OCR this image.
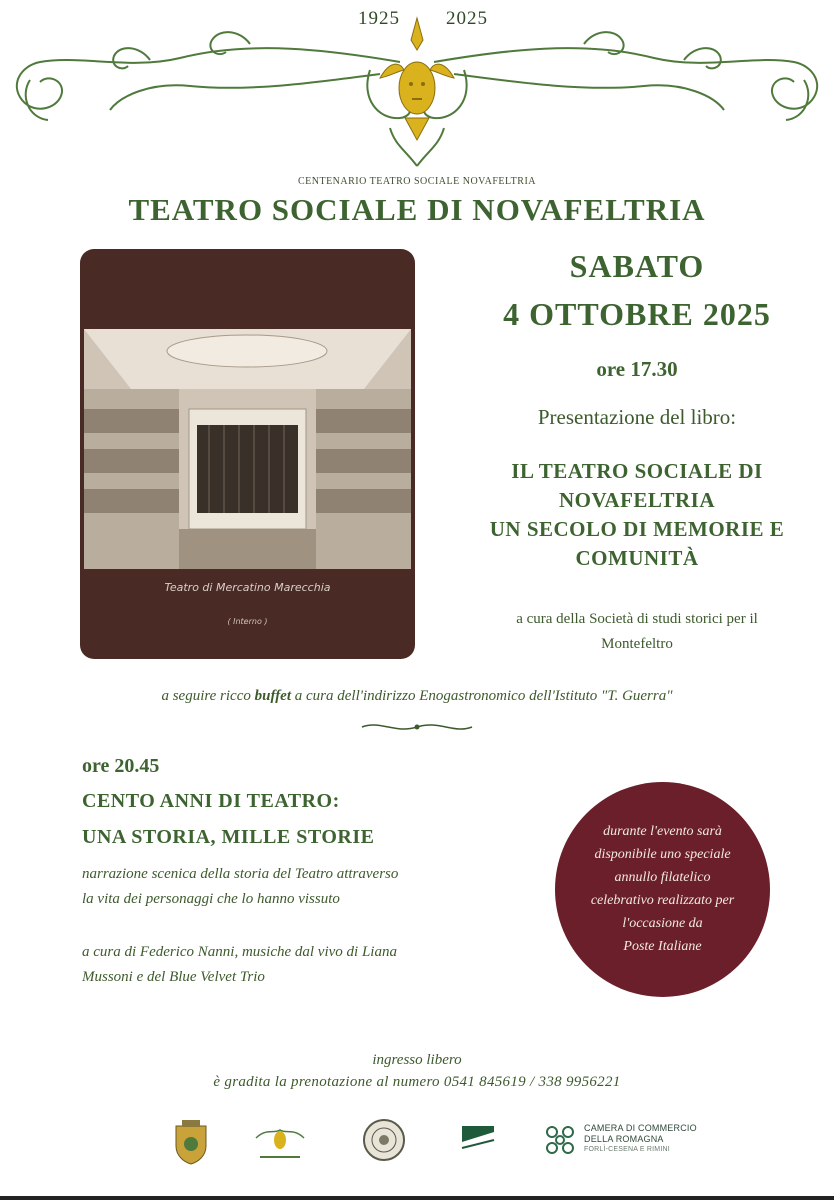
1925 2025
CENTENARIO TEATRO SOCIALE NOVAFELTRIA
TEATRO SOCIALE DI NOVAFELTRIA
Teatro di Mercatino Marecchia
( Interno )
SABATO
4 OTTOBRE 2025
ore 17.30
Presentazione del libro:
IL TEATRO SOCIALE DI
NOVAFELTRIA
UN SECOLO DI MEMORIE E
COMUNITÀ
a cura della Società di studi storici per il
Montefeltro
a seguire ricco buffet a cura dell'indirizzo Enogastronomico dell'Istituto "T. Guerra"
ore 20.45
CENTO ANNI DI TEATRO:
UNA STORIA, MILLE STORIE
narrazione scenica della storia del Teatro attraverso
la vita dei personaggi che lo hanno vissuto
a cura di Federico Nanni, musiche dal vivo di Liana
Mussoni e del Blue Velvet Trio
durante l'evento sarà
disponibile uno speciale
annullo filatelico
celebrativo realizzato per
l'occasione da
Poste Italiane
ingresso libero
è gradita la prenotazione al numero 0541 845619 / 338 9956221
CAMERA DI COMMERCIO
DELLA ROMAGNA
FORLÌ-CESENA E RIMINI
